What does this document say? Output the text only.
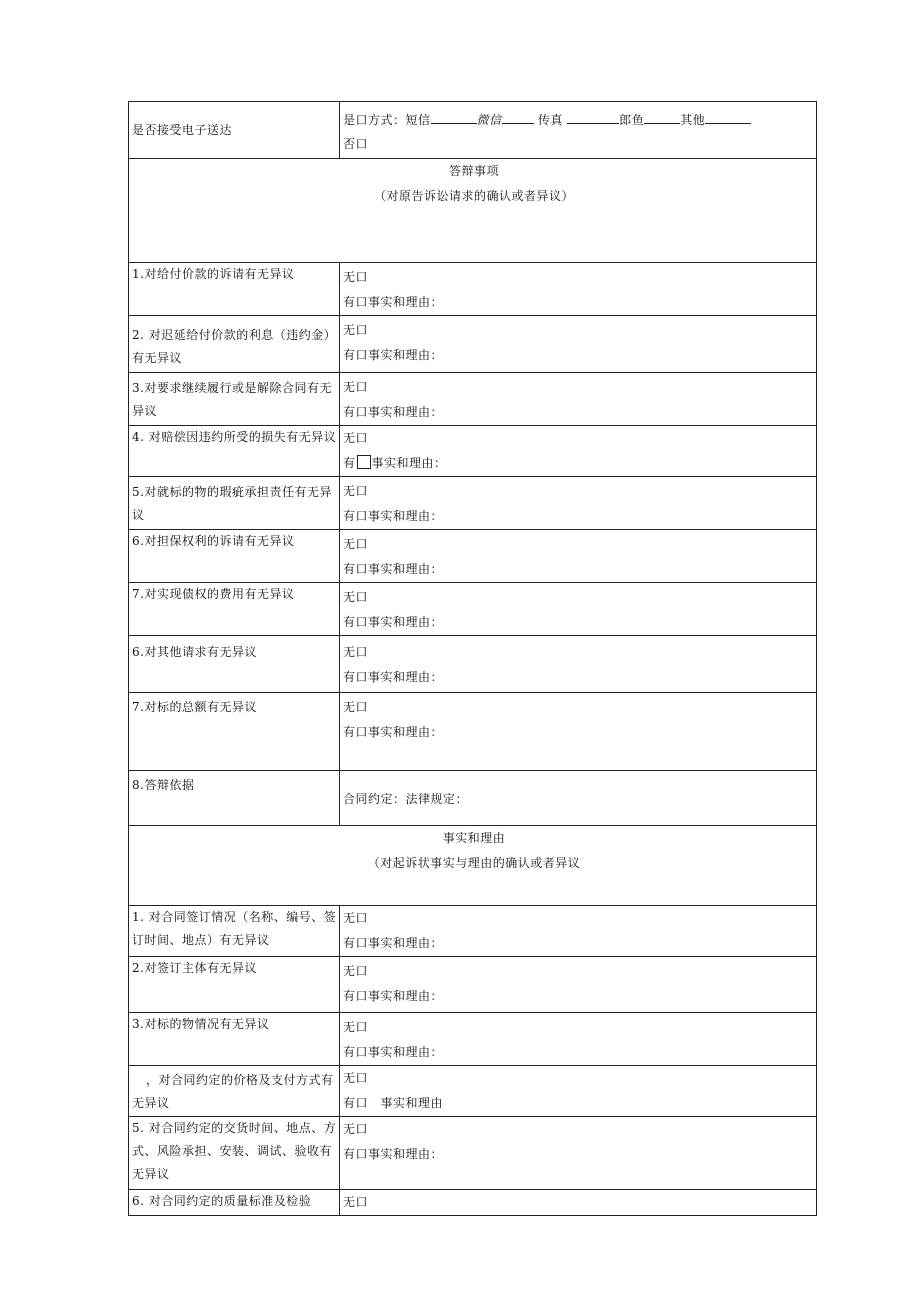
是否接受电子送达	是口方式：短信 微信 传真 郎鱼 其他
否口

答辩事项
（对原告诉讼请求的确认或者异议）	

1.对给付价款的诉请有无异议	无口
有口事实和理由：

2. 对迟延给付价款的利息（违约金）有无异议	无口
有口事实和理由：

3.对要求继续履行或是解除合同有无异议	无口
有口事实和理由：

4. 对赔偿因违约所受的损失有无异议	无口
有 事实和理由：

5.对就标的物的瑕疵承担责任有无异议	无口
有口事实和理由：

6.对担保权利的诉请有无异议	无口
有口事实和理由：

7.对实现债权的费用有无异议	无口
有口事实和理由：

6.对其他请求有无异议	无口
有口事实和理由：

7.对标的总额有无异议	无口
有口事实和理由：

8.答辩依据	合同约定：法律规定：

事实和理由
（对起诉状事实与理由的确认或者异议	

1. 对合同签订情况（名称、编号、签订时间、地点）有无异议	无口
有口事实和理由：

2.对签订主体有无异议	无口
有口事实和理由：

3.对标的物情况有无异议	无口
有口事实和理由：

，对合同约定的价格及支付方式有无异议	无口
有口　事实和理由

5. 对合同约定的交货时间、地点、方式、风险承担、安装、调试、验收有无异议	无口
有口事实和理由：

6. 对合同约定的质量标准及检验	无口
